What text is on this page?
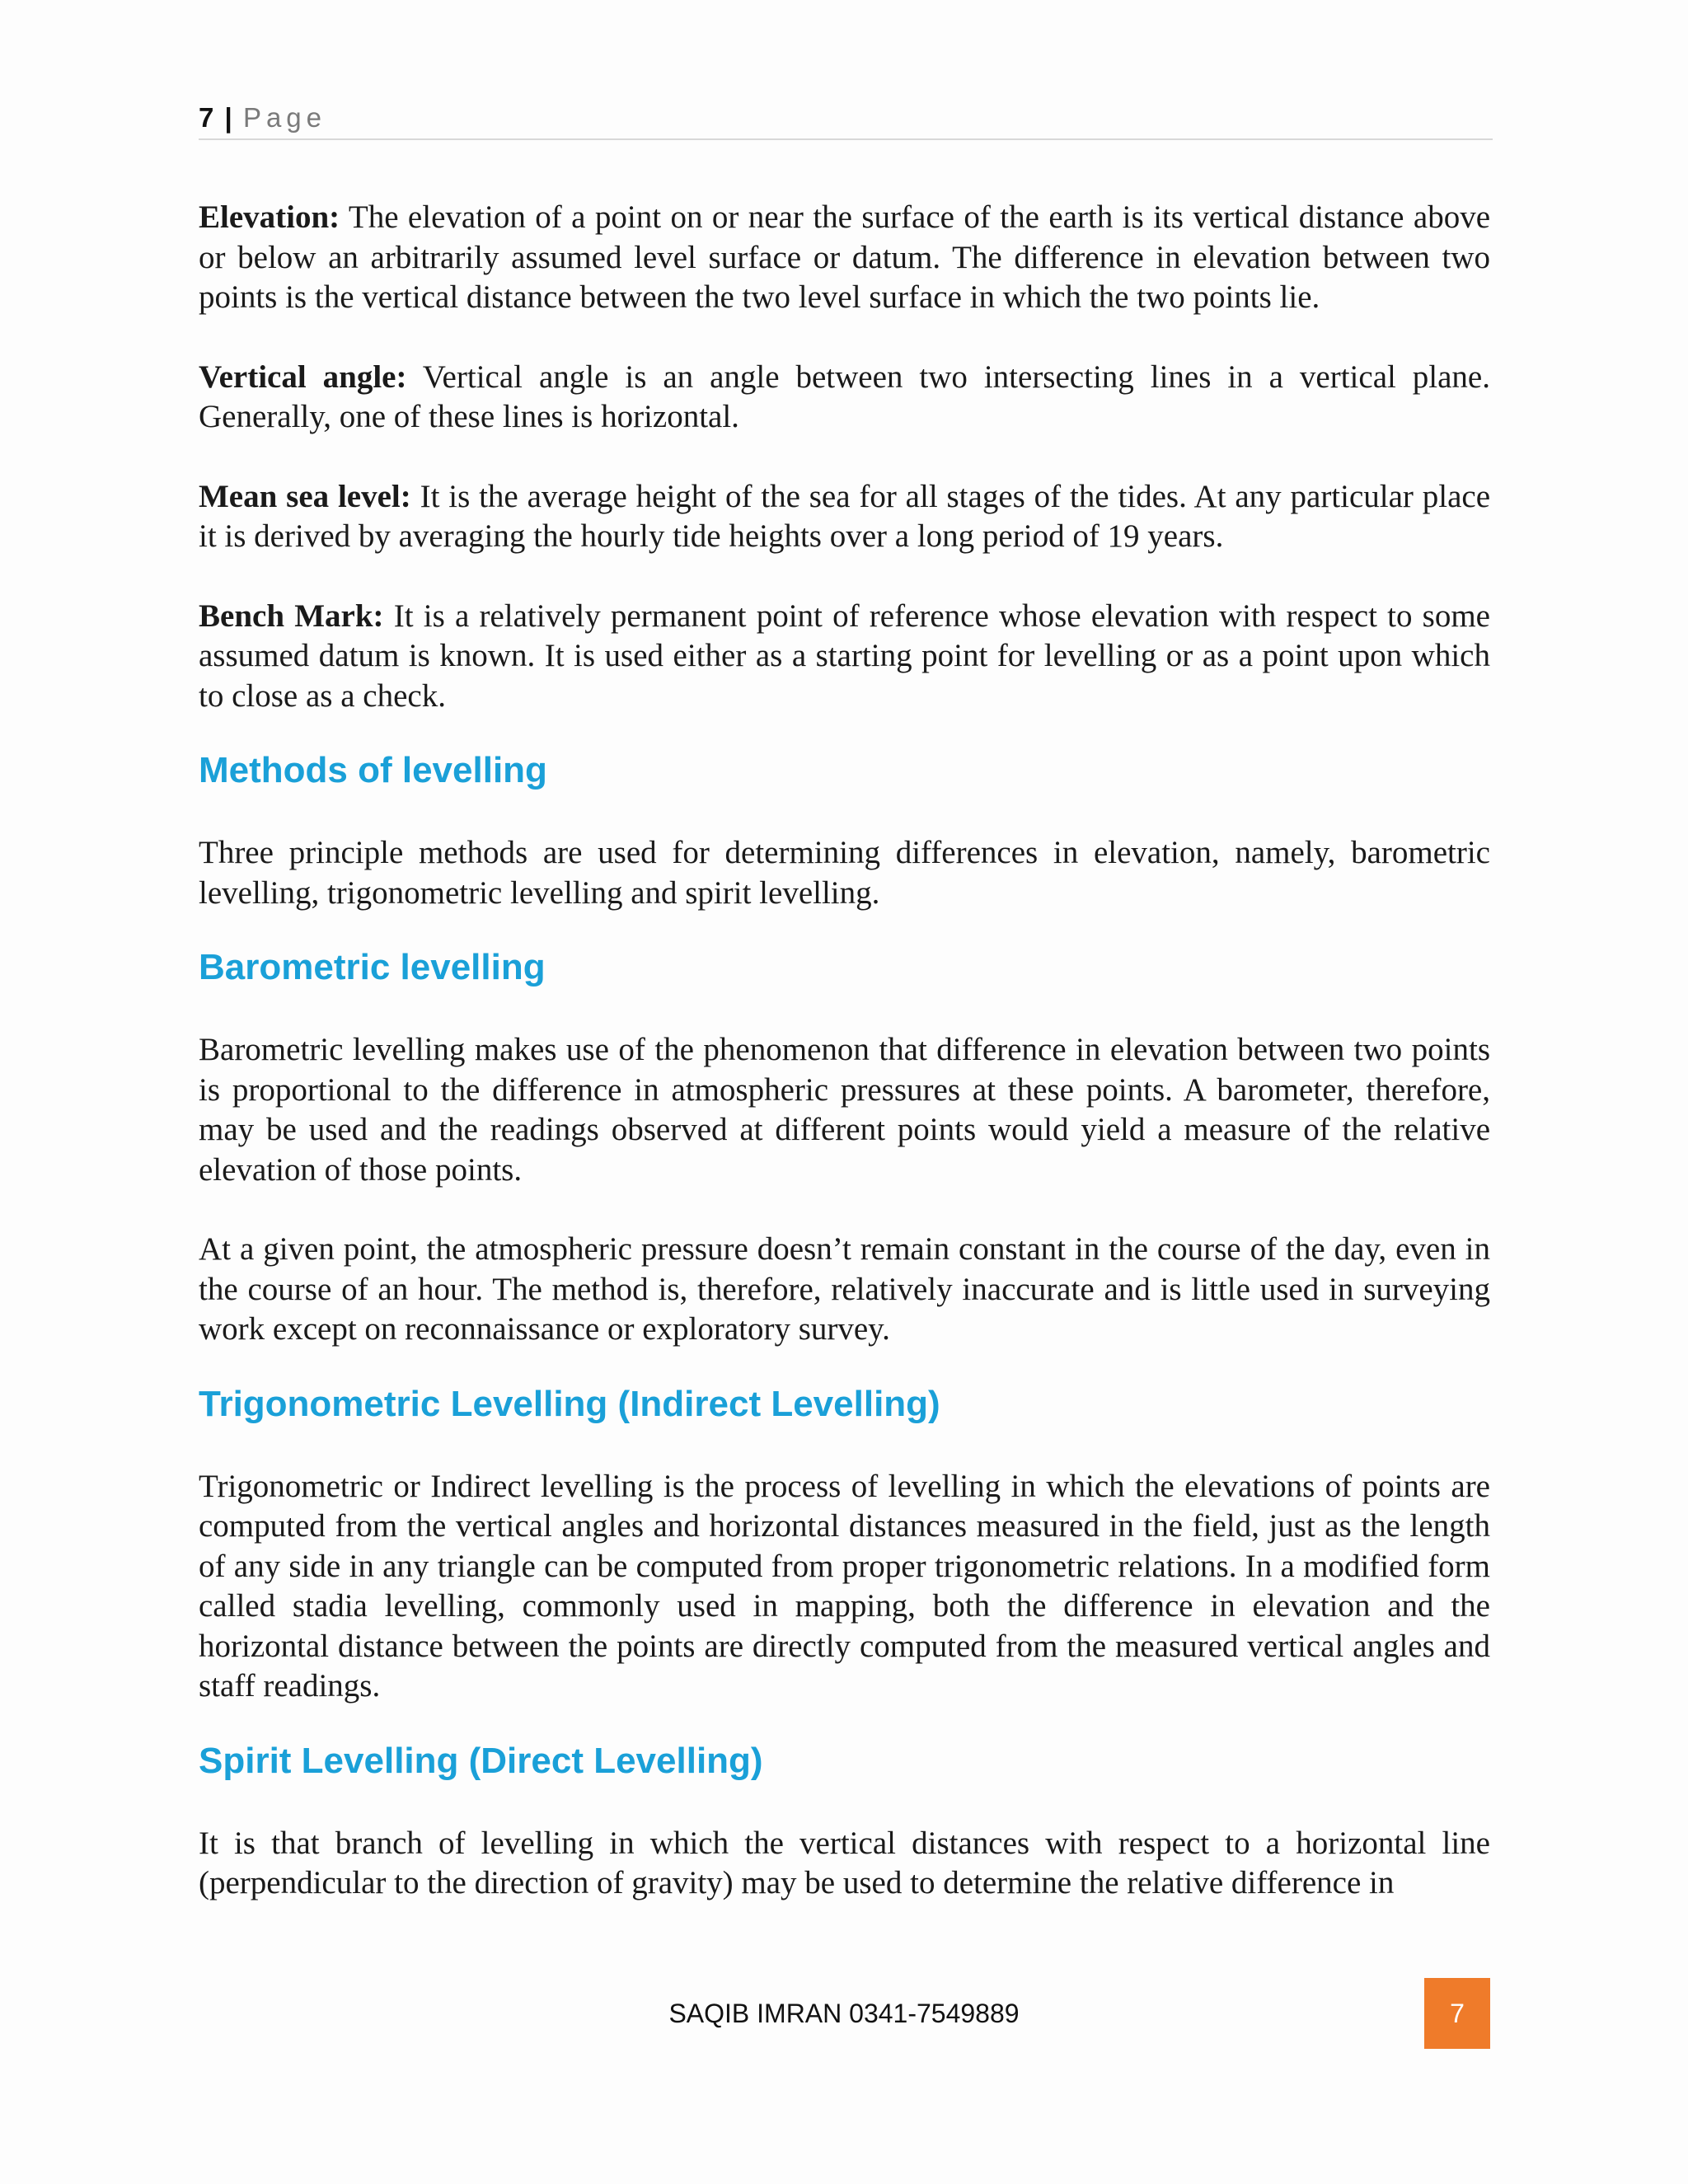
7 | Page

Elevation: The elevation of a point on or near the surface of the earth is its vertical distance above or below an arbitrarily assumed level surface or datum. The difference in elevation between two points is the vertical distance between the two level surface in which the two points lie.

Vertical angle: Vertical angle is an angle between two intersecting lines in a vertical plane. Generally, one of these lines is horizontal.

Mean sea level: It is the average height of the sea for all stages of the tides. At any particular place it is derived by averaging the hourly tide heights over a long period of 19 years.

Bench Mark: It is a relatively permanent point of reference whose elevation with respect to some assumed datum is known. It is used either as a starting point for levelling or as a point upon which to close as a check.

Methods of levelling

Three principle methods are used for determining differences in elevation, namely, barometric levelling, trigonometric levelling and spirit levelling.

Barometric levelling

Barometric levelling makes use of the phenomenon that difference in elevation between two points is proportional to the difference in atmospheric pressures at these points. A barometer, therefore, may be used and the readings observed at different points would yield a measure of the relative elevation of those points.

At a given point, the atmospheric pressure doesn’t remain constant in the course of the day, even in the course of an hour. The method is, therefore, relatively inaccurate and is little used in surveying work except on reconnaissance or exploratory survey.

Trigonometric Levelling (Indirect Levelling)

Trigonometric or Indirect levelling is the process of levelling in which the elevations of points are computed from the vertical angles and horizontal distances measured in the field, just as the length of any side in any triangle can be computed from proper trigonometric relations. In a modified form called stadia levelling, commonly used in mapping, both the difference in elevation and the horizontal distance between the points are directly computed from the measured vertical angles and staff readings.

Spirit Levelling (Direct Levelling)

It is that branch of levelling in which the vertical distances with respect to a horizontal line (perpendicular to the direction of gravity) may be used to determine the relative difference in

SAQIB IMRAN 0341-7549889	7
